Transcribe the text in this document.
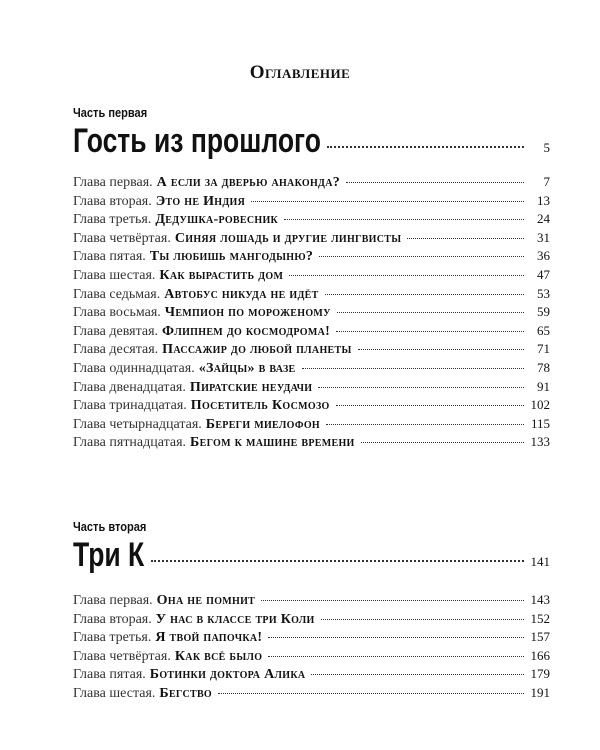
Оглавление
Часть первая
Гость из прошлого	5
Глава первая. А если за дверью анаконда?	7
Глава вторая. Это не Индия	13
Глава третья. Дедушка-ровесник	24
Глава четвёртая. Синяя лошадь и другие лингвисты	31
Глава пятая. Ты любишь мангодыню?	36
Глава шестая. Как вырастить дом	47
Глава седьмая. Автобус никуда не идёт	53
Глава восьмая. Чемпион по мороженому	59
Глава девятая. Флипнем до космодрома!	65
Глава десятая. Пассажир до любой планеты	71
Глава одиннадцатая. «Зайцы» в вазе	78
Глава двенадцатая. Пиратские неудачи	91
Глава тринадцатая. Посетитель Космозо	102
Глава четырнадцатая. Береги миелофон	115
Глава пятнадцатая. Бегом к машине времени	133
Часть вторая
Три К	141
Глава первая. Она не помнит	143
Глава вторая. У нас в классе три Коли	152
Глава третья. Я твой папочка!	157
Глава четвёртая. Как всё было	166
Глава пятая. Ботинки доктора Алика	179
Глава шестая. Бегство	191
